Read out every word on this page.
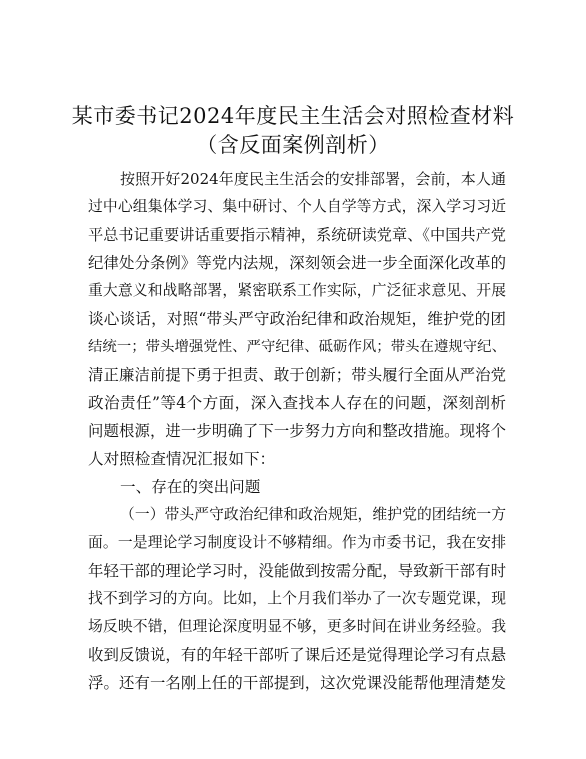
某市委书记2024年度民主生活会对照检查材料
（含反面案例剖析）
按照开好2024年度民主生活会的安排部署，会前，本人通
过中心组集体学习、集中研讨、个人自学等方式，深入学习习近
平总书记重要讲话重要指示精神，系统研读党章、《中国共产党
纪律处分条例》等党内法规，深刻领会进一步全面深化改革的
重大意义和战略部署，紧密联系工作实际，广泛征求意见、开展
谈心谈话，对照“带头严守政治纪律和政治规矩，维护党的团
结统一；带头增强党性、严守纪律、砥砺作风；带头在遵规守纪、
清正廉洁前提下勇于担责、敢于创新；带头履行全面从严治党
政治责任”等4个方面，深入查找本人存在的问题，深刻剖析
问题根源，进一步明确了下一步努力方向和整改措施。现将个
人对照检查情况汇报如下：
一、存在的突出问题
（一）带头严守政治纪律和政治规矩，维护党的团结统一方
面。一是理论学习制度设计不够精细。作为市委书记，我在安排
年轻干部的理论学习时，没能做到按需分配，导致新干部有时
找不到学习的方向。比如，上个月我们举办了一次专题党课，现
场反映不错，但理论深度明显不够，更多时间在讲业务经验。我
收到反馈说，有的年轻干部听了课后还是觉得理论学习有点悬
浮。还有一名刚上任的干部提到，这次党课没能帮他理清楚发
